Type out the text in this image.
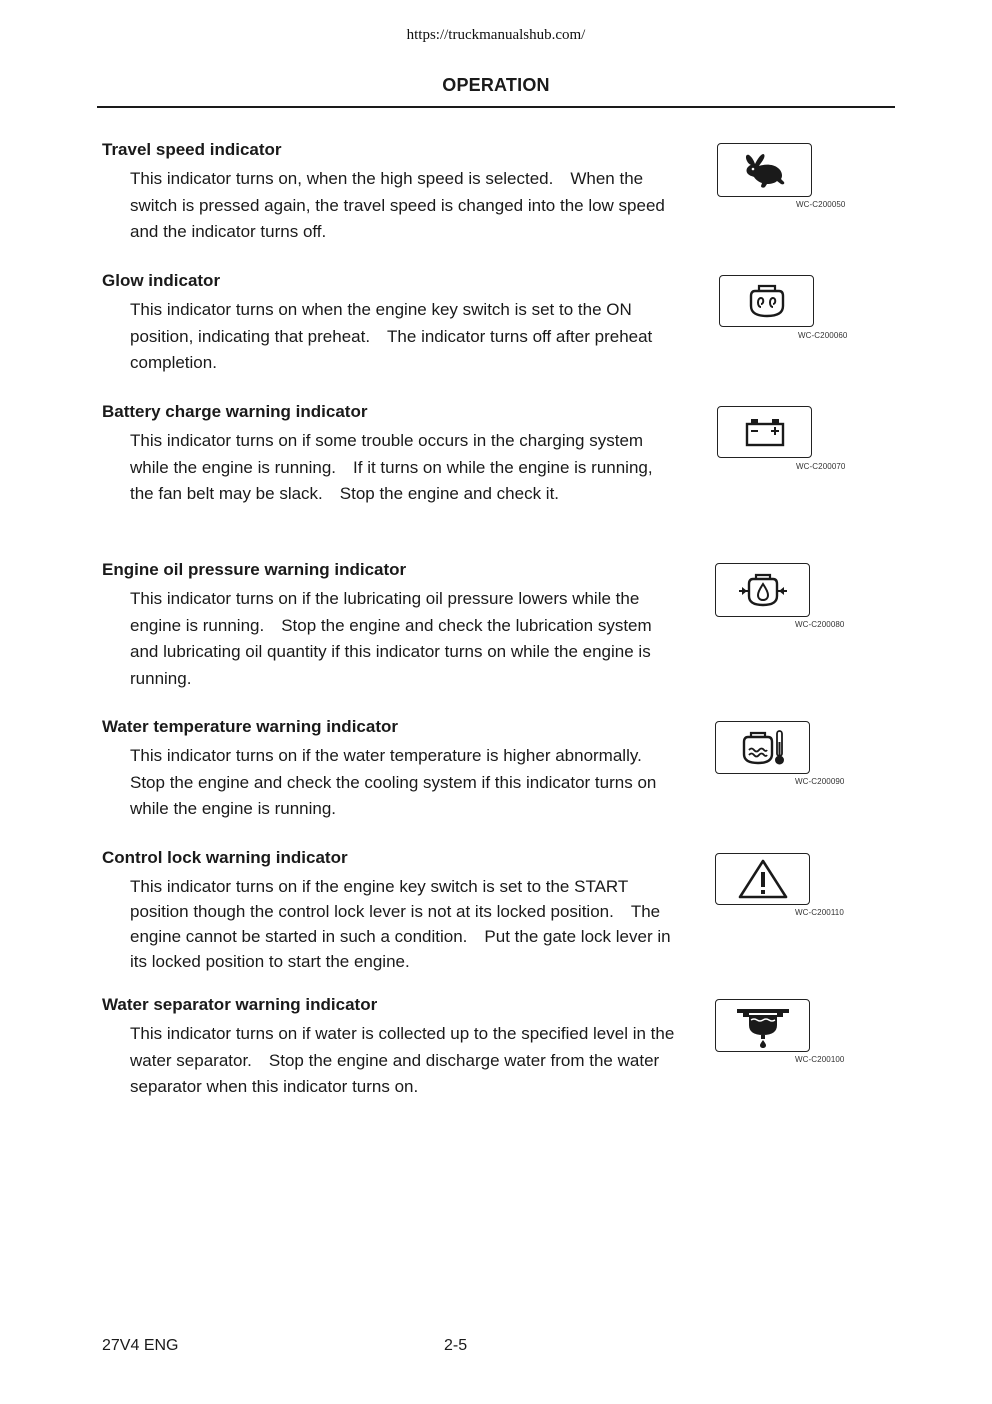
https://truckmanualshub.com/
OPERATION
Travel speed indicator
This indicator turns on, when the high speed is selected.　When the switch is pressed again, the travel speed is changed into the low speed and the indicator turns off.
WC-C200050
Glow indicator
This indicator turns on when the engine key switch is set to the ON position, indicating that preheat.　The indicator turns off after preheat completion.
WC-C200060
Battery charge warning indicator
This indicator turns on if some trouble occurs in the charging system while the engine is running.　If it turns on while the engine is running, the fan belt may be slack.　Stop the engine and check it.
WC-C200070
Engine oil pressure warning indicator
This indicator turns on if the lubricating oil pressure lowers while the engine is running.　Stop the engine and check the lubrication system and lubricating oil quantity if this indicator turns on while the engine is running.
WC-C200080
Water temperature warning indicator
This indicator turns on if the water temperature is higher abnormally.　Stop the engine and check the cooling system if this indicator turns on while the engine is running.
WC-C200090
Control lock warning indicator
This indicator turns on if the engine key switch is set to the START position though the control lock lever is not at its locked position.　The engine cannot be started in such a condition.　Put the gate lock lever in its locked position to start the engine.
WC-C200110
Water separator warning indicator
This indicator turns on if water is collected up to the specified level in the water separator.　Stop the engine and discharge water from the water separator when this indicator turns on.
WC-C200100
27V4 ENG	2-5
